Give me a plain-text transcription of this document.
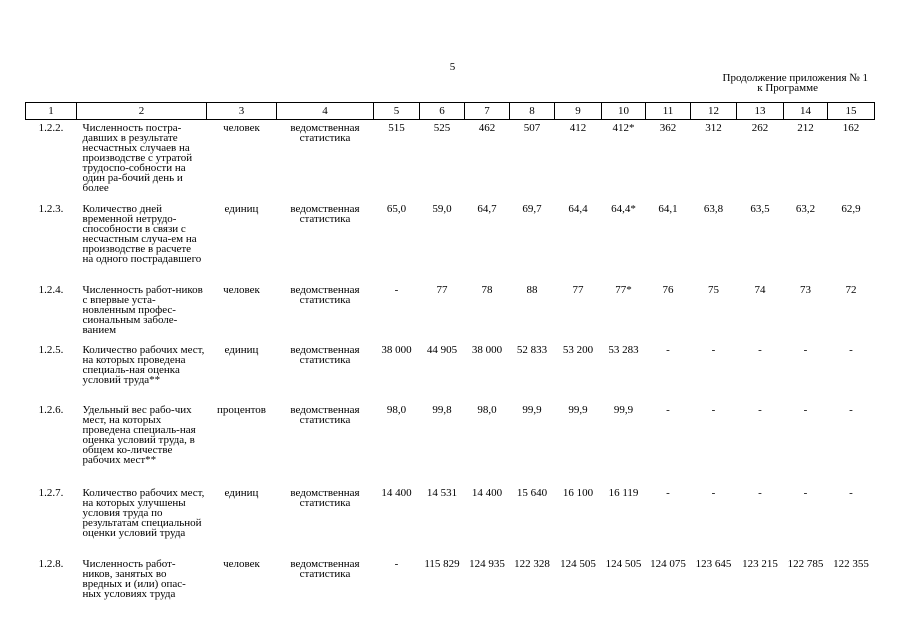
5
Продолжение приложения № 1
к Программе
1	2	3	4	5	6	7	8	9	10	11	12	13	14	15
1.2.2.	Численность постра-давших в результате несчастных случаев на производстве с утратой трудоспо-собности на один ра-бочий день и более	человек	ведомственная статистика	515	525	462	507	412	412*	362	312	262	212	162
1.2.3.	Количество дней временной нетрудо-способности в связи с несчастным случа-ем на производстве в расчете на одного пострадавшего	единиц	ведомственная статистика	65,0	59,0	64,7	69,7	64,4	64,4*	64,1	63,8	63,5	63,2	62,9
1.2.4.	Численность работ-ников с впервые уста-новленным профес-сиональным заболе-ванием	человек	ведомственная статистика	-	77	78	88	77	77*	76	75	74	73	72
1.2.5.	Количество рабочих мест, на которых проведена специаль-ная оценка условий труда**	единиц	ведомственная статистика	38 000	44 905	38 000	52 833	53 200	53 283	-	-	-	-	-
1.2.6.	Удельный вес рабо-чих мест, на которых проведена специаль-ная оценка условий труда, в общем ко-личестве рабочих мест**	процентов	ведомственная статистика	98,0	99,8	98,0	99,9	99,9	99,9	-	-	-	-	-
1.2.7.	Количество рабочих мест, на которых улучшены условия труда по результатам специальной оценки условий труда	единиц	ведомственная статистика	14 400	14 531	14 400	15 640	16 100	16 119	-	-	-	-	-
1.2.8.	Численность работ-ников, занятых во вредных и (или) опас-ных условиях труда	человек	ведомственная статистика	-	115 829	124 935	122 328	124 505	124 505	124 075	123 645	123 215	122 785	122 355
